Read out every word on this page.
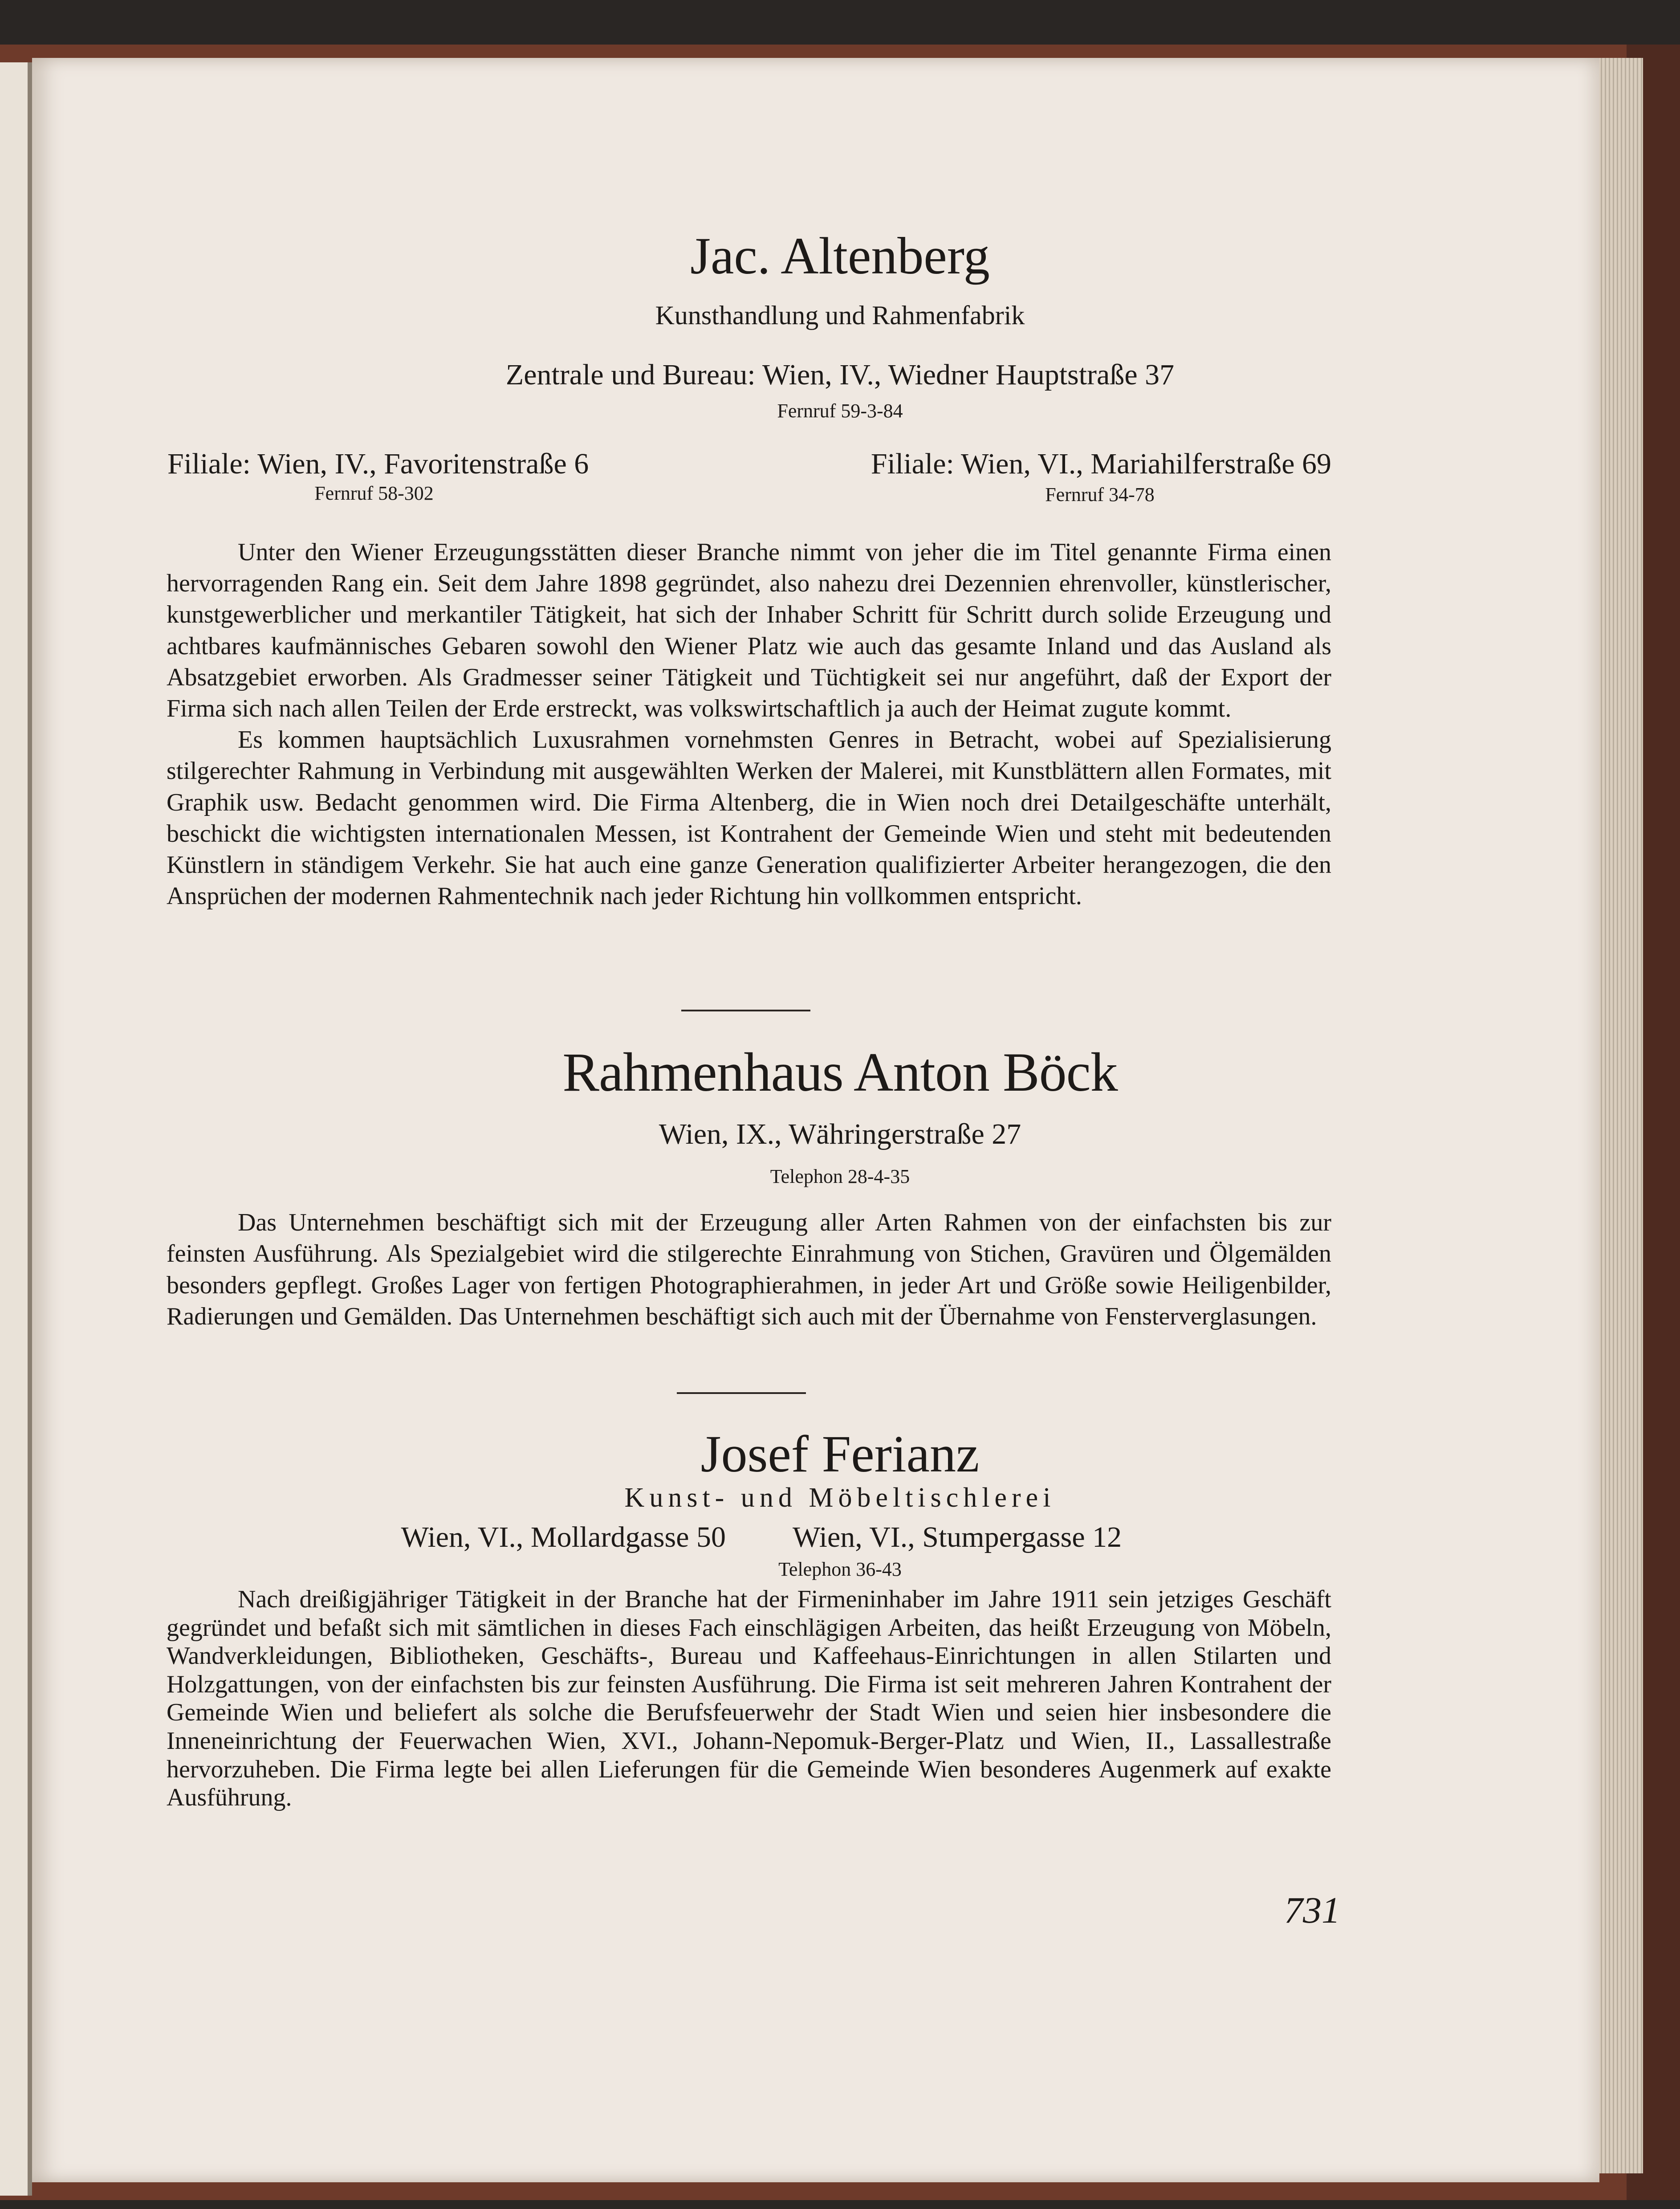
Jac. Altenberg
Kunsthandlung und Rahmenfabrik
Zentrale und Bureau: Wien, IV., Wiedner Hauptstraße 37
Fernruf 59-3-84
Filiale: Wien, IV., Favoritenstraße 6
Fernruf 58-302
Filiale: Wien, VI., Mariahilferstraße 69
Fernruf 34-78

Unter den Wiener Erzeugungsstätten dieser Branche nimmt von jeher die im Titel genannte Firma einen hervorragenden Rang ein. Seit dem Jahre 1898 gegründet, also nahezu drei Dezennien ehrenvoller, künstlerischer, kunstgewerblicher und merkantiler Tätigkeit, hat sich der Inhaber Schritt für Schritt durch solide Erzeugung und achtbares kaufmännisches Gebaren sowohl den Wiener Platz wie auch das gesamte Inland und das Ausland als Absatzgebiet erworben. Als Gradmesser seiner Tätigkeit und Tüchtigkeit sei nur angeführt, daß der Export der Firma sich nach allen Teilen der Erde erstreckt, was volkswirtschaftlich ja auch der Heimat zugute kommt.

Es kommen hauptsächlich Luxusrahmen vornehmsten Genres in Betracht, wobei auf Spezialisierung stilgerechter Rahmung in Verbindung mit ausgewählten Werken der Malerei, mit Kunstblättern allen Formates, mit Graphik usw. Bedacht genommen wird. Die Firma Altenberg, die in Wien noch drei Detailgeschäfte unterhält, beschickt die wichtigsten internationalen Messen, ist Kontrahent der Gemeinde Wien und steht mit bedeutenden Künstlern in ständigem Verkehr. Sie hat auch eine ganze Generation qualifizierter Arbeiter herangezogen, die den Ansprüchen der modernen Rahmentechnik nach jeder Richtung hin vollkommen entspricht.

Rahmenhaus Anton Böck
Wien, IX., Währingerstraße 27
Telephon 28-4-35

Das Unternehmen beschäftigt sich mit der Erzeugung aller Arten Rahmen von der einfachsten bis zur feinsten Ausführung. Als Spezialgebiet wird die stilgerechte Einrahmung von Stichen, Gravüren und Ölgemälden besonders gepflegt. Großes Lager von fertigen Photographierahmen, in jeder Art und Größe sowie Heiligenbilder, Radierungen und Gemälden. Das Unternehmen beschäftigt sich auch mit der Übernahme von Fensterverglasungen.

Josef Ferianz
Kunst- und Möbeltischlerei
Wien, VI., Mollardgasse 50 Wien, VI., Stumpergasse 12
Telephon 36-43

Nach dreißigjähriger Tätigkeit in der Branche hat der Firmeninhaber im Jahre 1911 sein jetziges Geschäft gegründet und befaßt sich mit sämtlichen in dieses Fach einschlägigen Arbeiten, das heißt Erzeugung von Möbeln, Wandverkleidungen, Bibliotheken, Geschäfts-, Bureau und Kaffeehaus-Einrichtungen in allen Stilarten und Holzgattungen, von der einfachsten bis zur feinsten Ausführung. Die Firma ist seit mehreren Jahren Kontrahent der Gemeinde Wien und beliefert als solche die Berufsfeuerwehr der Stadt Wien und seien hier insbesondere die Inneneinrichtung der Feuerwachen Wien, XVI., Johann-Nepomuk-Berger-Platz und Wien, II., Lassallestraße hervorzuheben. Die Firma legte bei allen Lieferungen für die Gemeinde Wien besonderes Augenmerk auf exakte Ausführung.

731
